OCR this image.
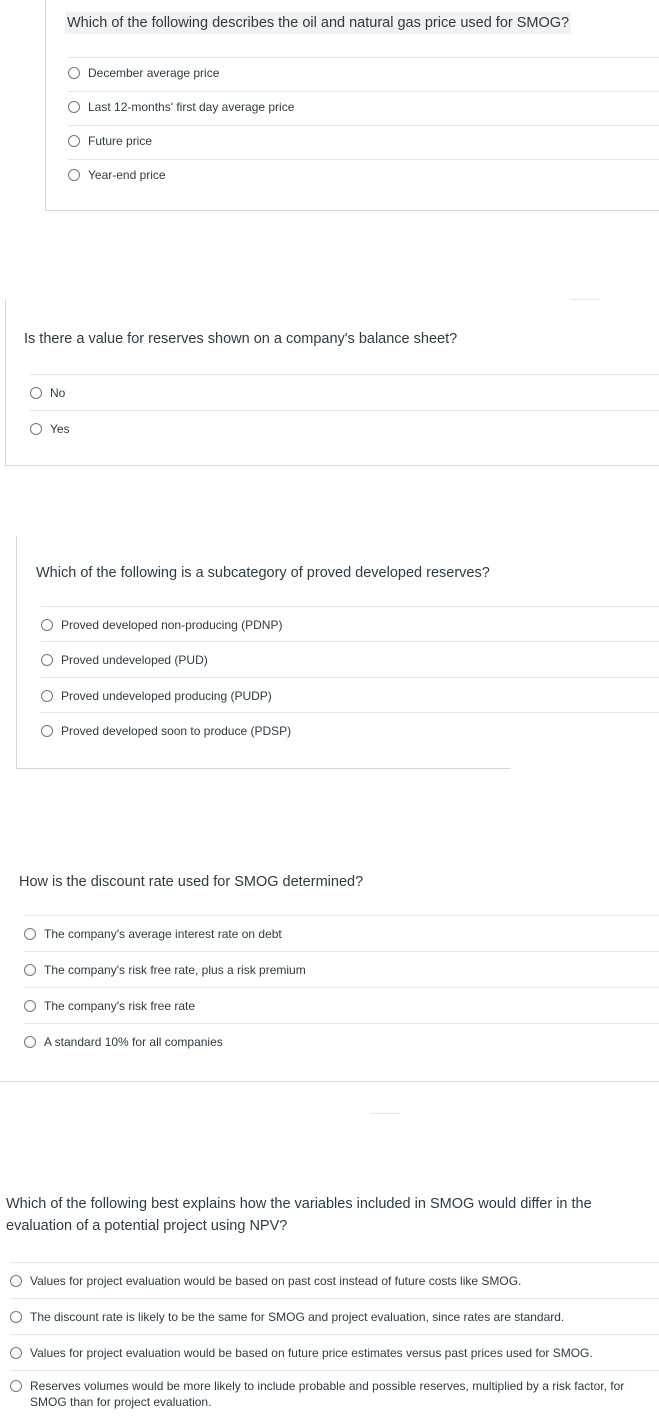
Which of the following describes the oil and natural gas price used for SMOG?
December average price
Last 12-months' first day average price
Future price
Year-end price
Is there a value for reserves shown on a company's balance sheet?
No
Yes
Which of the following is a subcategory of proved developed reserves?
Proved developed non-producing (PDNP)
Proved undeveloped (PUD)
Proved undeveloped producing (PUDP)
Proved developed soon to produce (PDSP)
How is the discount rate used for SMOG determined?
The company's average interest rate on debt
The company's risk free rate, plus a risk premium
The company's risk free rate
A standard 10% for all companies
Which of the following best explains how the variables included in SMOG would differ in the evaluation of a potential project using NPV?
Values for project evaluation would be based on past cost instead of future costs like SMOG.
The discount rate is likely to be the same for SMOG and project evaluation, since rates are standard.
Values for project evaluation would be based on future price estimates versus past prices used for SMOG.
Reserves volumes would be more likely to include probable and possible reserves, multiplied by a risk factor, for SMOG than for project evaluation.
